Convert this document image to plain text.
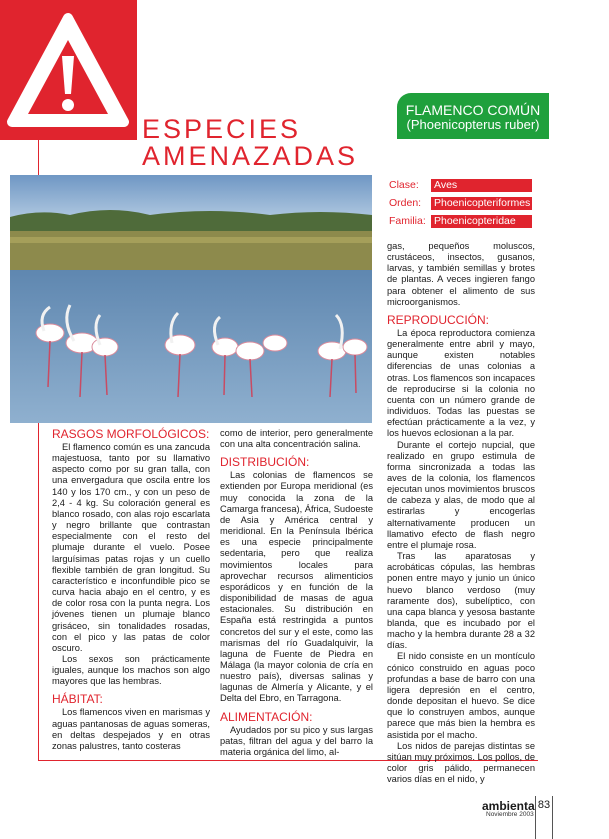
ESPECIES
AMENAZADAS
FLAMENCO COMÚN
(Phoenicopterus ruber)
Clase:	Aves
Orden:	Phoenicopteriformes
Familia: Phoenicopteridae
RASGOS MORFOLÓGICOS:

El flamenco común es una zancuda majestuosa, tanto por su llamativo aspecto como por su gran talla, con una envergadura que oscila entre los 140 y los 170 cm., y con un peso de 2,4 - 4 kg. Su coloración general es blanco rosado, con alas rojo escarlata y negro brillante que contrastan especialmente con el resto del plumaje durante el vuelo. Posee larguísimas patas rojas y un cuello flexible también de gran longitud. Su característico e inconfundible pico se curva hacia abajo en el centro, y es de color rosa con la punta negra. Los jóvenes tienen un plumaje blanco grisáceo, sin tonalidades rosadas, con el pico y las patas de color oscuro.

Los sexos son prácticamente iguales, aunque los machos son algo mayores que las hembras.

HÁBITAT:

Los flamencos viven en marismas y aguas pantanosas de aguas someras, en deltas despejados y en otras zonas palustres, tanto costeras

como de interior, pero generalmente con una alta concentración salina.

DISTRIBUCIÓN:

Las colonias de flamencos se extienden por Europa meridional (es muy conocida la zona de la Camarga francesa), África, Sudoeste de Asia y América central y meridional. En la Península Ibérica es una especie principalmente sedentaria, pero que realiza movimientos locales para aprovechar recursos alimenticios esporádicos y en función de la disponibilidad de masas de agua estacionales. Su distribución en España está restringida a puntos concretos del sur y el este, como las marismas del río Guadalquivir, la laguna de Fuente de Piedra en Málaga (la mayor colonia de cría en nuestro país), diversas salinas y lagunas de Almería y Alicante, y el Delta del Ebro, en Tarragona.

ALIMENTACIÓN:

Ayudados por su pico y sus largas patas, filtran del agua y del barro la materia orgánica del limo, al-

gas, pequeños moluscos, crustáceos, insectos, gusanos, larvas, y también semillas y brotes de plantas. A veces ingieren fango para obtener el alimento de sus microorganismos.

REPRODUCCIÓN:

La época reproductora comienza generalmente entre abril y mayo, aunque existen notables diferencias de unas colonias a otras. Los flamencos son incapaces de reproducirse si la colonia no cuenta con un número grande de individuos. Todas las puestas se efectúan prácticamente a la vez, y los huevos eclosionan a la par.

Durante el cortejo nupcial, que realizado en grupo estimula de forma sincronizada a todas las aves de la colonia, los flamencos ejecutan unos movimientos bruscos de cabeza y alas, de modo que al estirarlas y encogerlas alternativamente producen un llamativo efecto de flash negro entre el plumaje rosa.

Tras las aparatosas y acrobáticas cópulas, las hembras ponen entre mayo y junio un único huevo blanco verdoso (muy raramente dos), subelíptico, con una capa blanca y yesosa bastante blanda, que es incubado por el macho y la hembra durante 28 a 32 días.

El nido consiste en un montículo cónico construido en aguas poco profundas a base de barro con una ligera depresión en el centro, donde depositan el huevo. Se dice que lo construyen ambos, aunque parece que más bien la hembra es asistida por el macho.

Los nidos de parejas distintas se sitúan muy próximos. Los pollos, de color gris pálido, permanecen varios días en el nido, y

ambienta
Noviembre 2003
83
